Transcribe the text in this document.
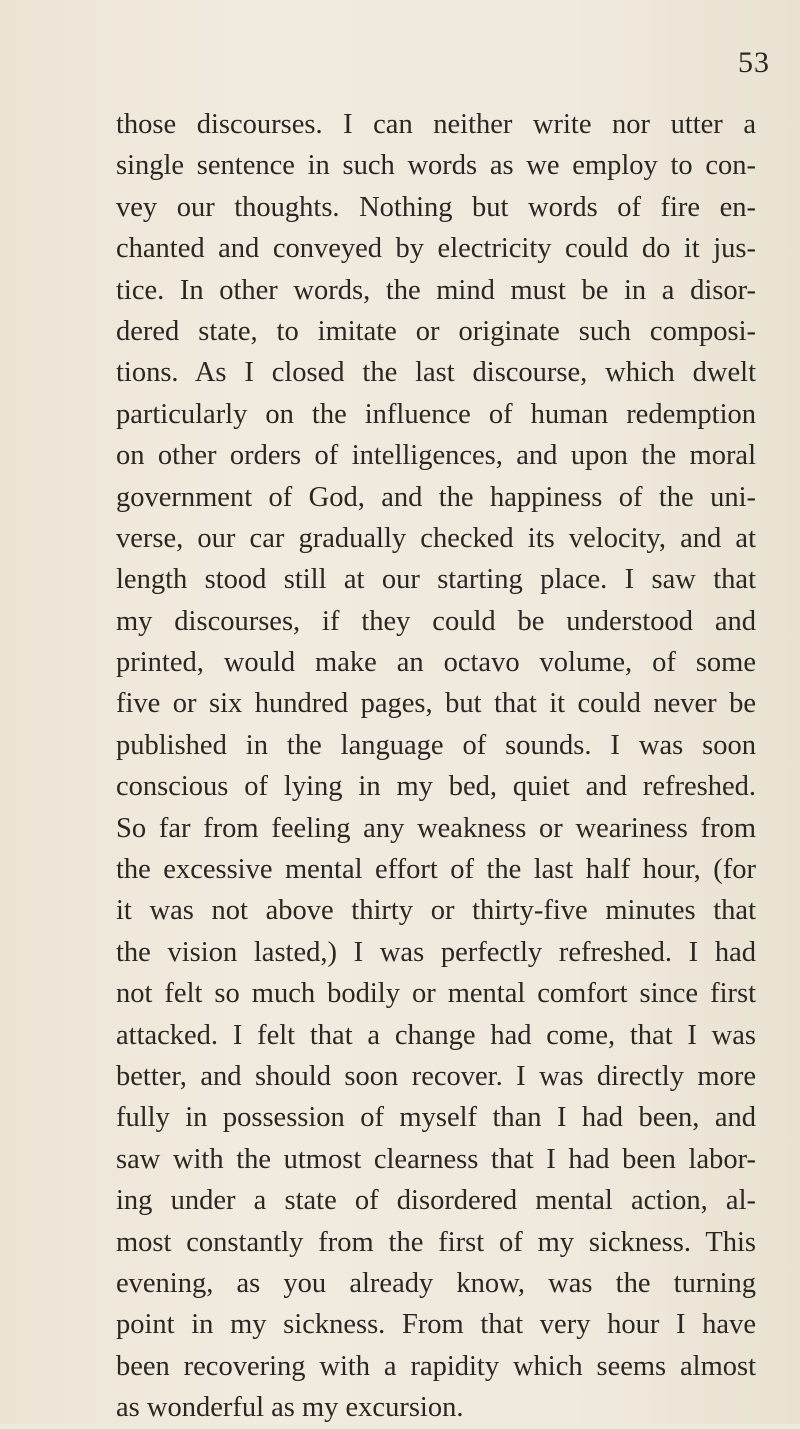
53
those discourses. I can neither write nor utter a
single sentence in such words as we employ to con-
vey our thoughts. Nothing but words of fire en-
chanted and conveyed by electricity could do it jus-
tice. In other words, the mind must be in a disor-
dered state, to imitate or originate such composi-
tions. As I closed the last discourse, which dwelt
particularly on the influence of human redemption
on other orders of intelligences, and upon the moral
government of God, and the happiness of the uni-
verse, our car gradually checked its velocity, and at
length stood still at our starting place. I saw that
my discourses, if they could be understood and
printed, would make an octavo volume, of some
five or six hundred pages, but that it could never be
published in the language of sounds. I was soon
conscious of lying in my bed, quiet and refreshed.
So far from feeling any weakness or weariness from
the excessive mental effort of the last half hour, (for
it was not above thirty or thirty-five minutes that
the vision lasted,) I was perfectly refreshed. I had
not felt so much bodily or mental comfort since first
attacked. I felt that a change had come, that I was
better, and should soon recover. I was directly more
fully in possession of myself than I had been, and
saw with the utmost clearness that I had been labor-
ing under a state of disordered mental action, al-
most constantly from the first of my sickness. This
evening, as you already know, was the turning
point in my sickness. From that very hour I have
been recovering with a rapidity which seems almost
as wonderful as my excursion.
